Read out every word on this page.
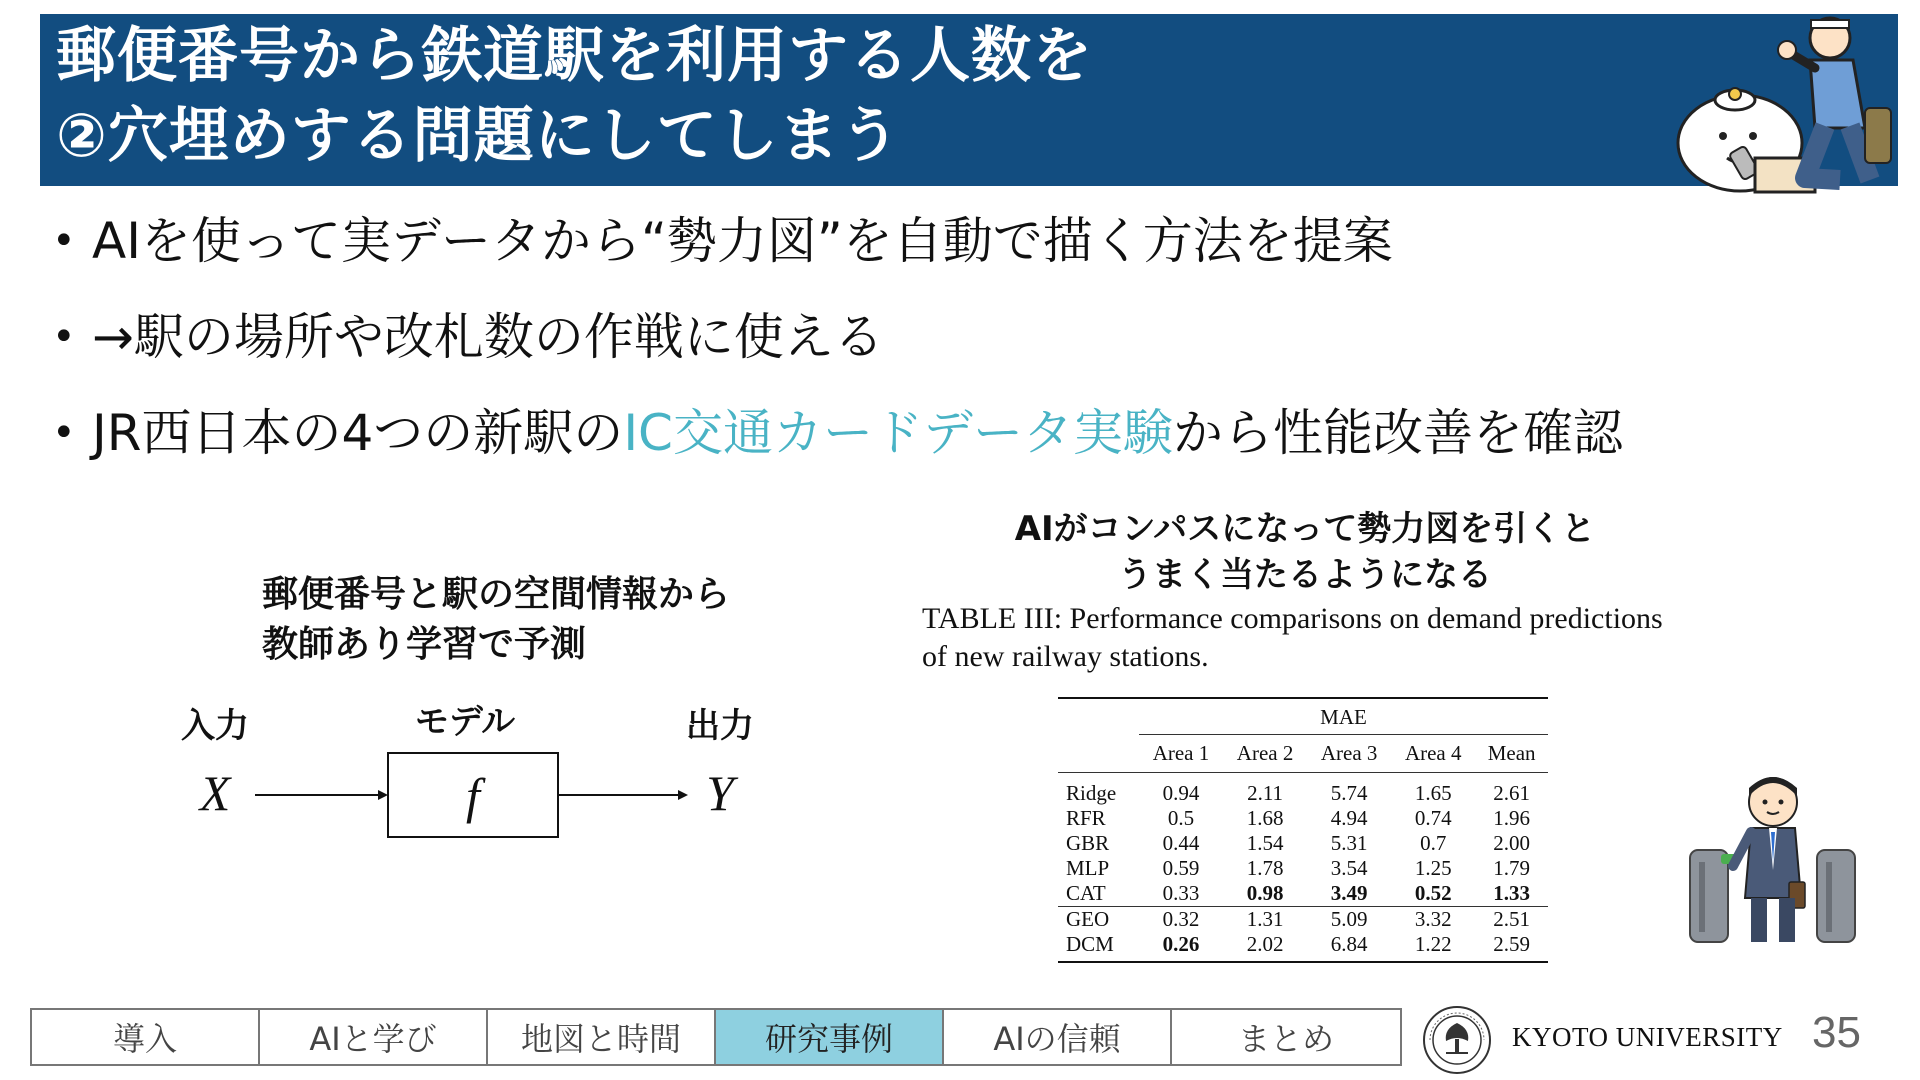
郵便番号から鉄道駅を利用する人数を
②穴埋めする問題にしてしまう
• AIを使って実データから“勢力図”を自動で描く方法を提案
• →駅の場所や改札数の作戦に使える
• JR西日本の4つの新駅のIC交通カードデータ実験から性能改善を確認
郵便番号と駅の空間情報から
教師あり学習で予測
入力	モデル	出力
X	f	Y
AIがコンパスになって勢力図を引くと
うまく当たるようになる
TABLE III: Performance comparisons on demand predictions
of new railway stations.
	MAE				
	Area 1	Area 2	Area 3	Area 4	Mean
Ridge	0.94	2.11	5.74	1.65	2.61
RFR	0.5	1.68	4.94	0.74	1.96
GBR	0.44	1.54	5.31	0.7	2.00
MLP	0.59	1.78	3.54	1.25	1.79
CAT	0.33	0.98	3.49	0.52	1.33
GEO	0.32	1.31	5.09	3.32	2.51
DCM	0.26	2.02	6.84	1.22	2.59
導入	AIと学び	地図と時間	研究事例	AIの信頼	まとめ	KYOTO UNIVERSITY 35
